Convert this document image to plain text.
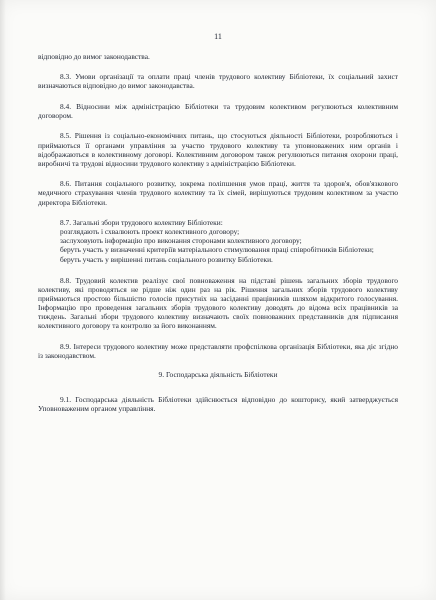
11

відповідно до вимог законодавства.

8.3. Умови організації та оплати праці членів трудового колективу Бібліотеки, їх соціальний захист визначаються відповідно до вимог законодавства.

8.4. Відносини між адміністрацією Бібліотеки та трудовим колективом регулюються колективним договором.

8.5. Рішення із соціально-економічних питань, що стосуються діяльності Бібліотеки, розробляються і приймаються її органами управління за участю трудового колективу та уповноважених ним органів і відображаються в колективному договорі. Колективним договором також регулюються питання охорони праці, виробничі та трудові відносини трудового колективу з адміністрацією Бібліотеки.

8.6. Питання соціального розвитку, зокрема поліпшення умов праці, життя та здоров'я, обов'язкового медичного страхування членів трудового колективу та їх сімей, вирішуються трудовим колективом за участю директора Бібліотеки.

8.7. Загальні збори трудового колективу Бібліотеки:

розглядають і схвалюють проект колективного договору;

заслуховують інформацію про виконання сторонами колективного договору;

беруть участь у визначенні критеріїв матеріального стимулювання праці співробітників Бібліотеки;

беруть участь у вирішенні питань соціального розвитку Бібліотеки.

8.8. Трудовий колектив реалізує свої повноваження на підставі рішень загальних зборів трудового колективу, які проводяться не рідше ніж один раз на рік. Рішення загальних зборів трудового колективу приймаються простою більшістю голосів присутніх на засіданні працівників шляхом відкритого голосування. Інформацію про проведення загальних зборів трудового колективу доводять до відома всіх працівників за тиждень. Загальні збори трудового колективу визначають своїх повноважних представників для підписання колективного договору та контролю за його виконанням.

8.9. Інтереси трудового колективу може представляти профспілкова організація Бібліотеки, яка діє згідно із законодавством.

9. Господарська діяльність Бібліотеки

9.1. Господарська діяльність Бібліотеки здійснюється відповідно до кошторису, який затверджується Уповноваженим органом управління.
